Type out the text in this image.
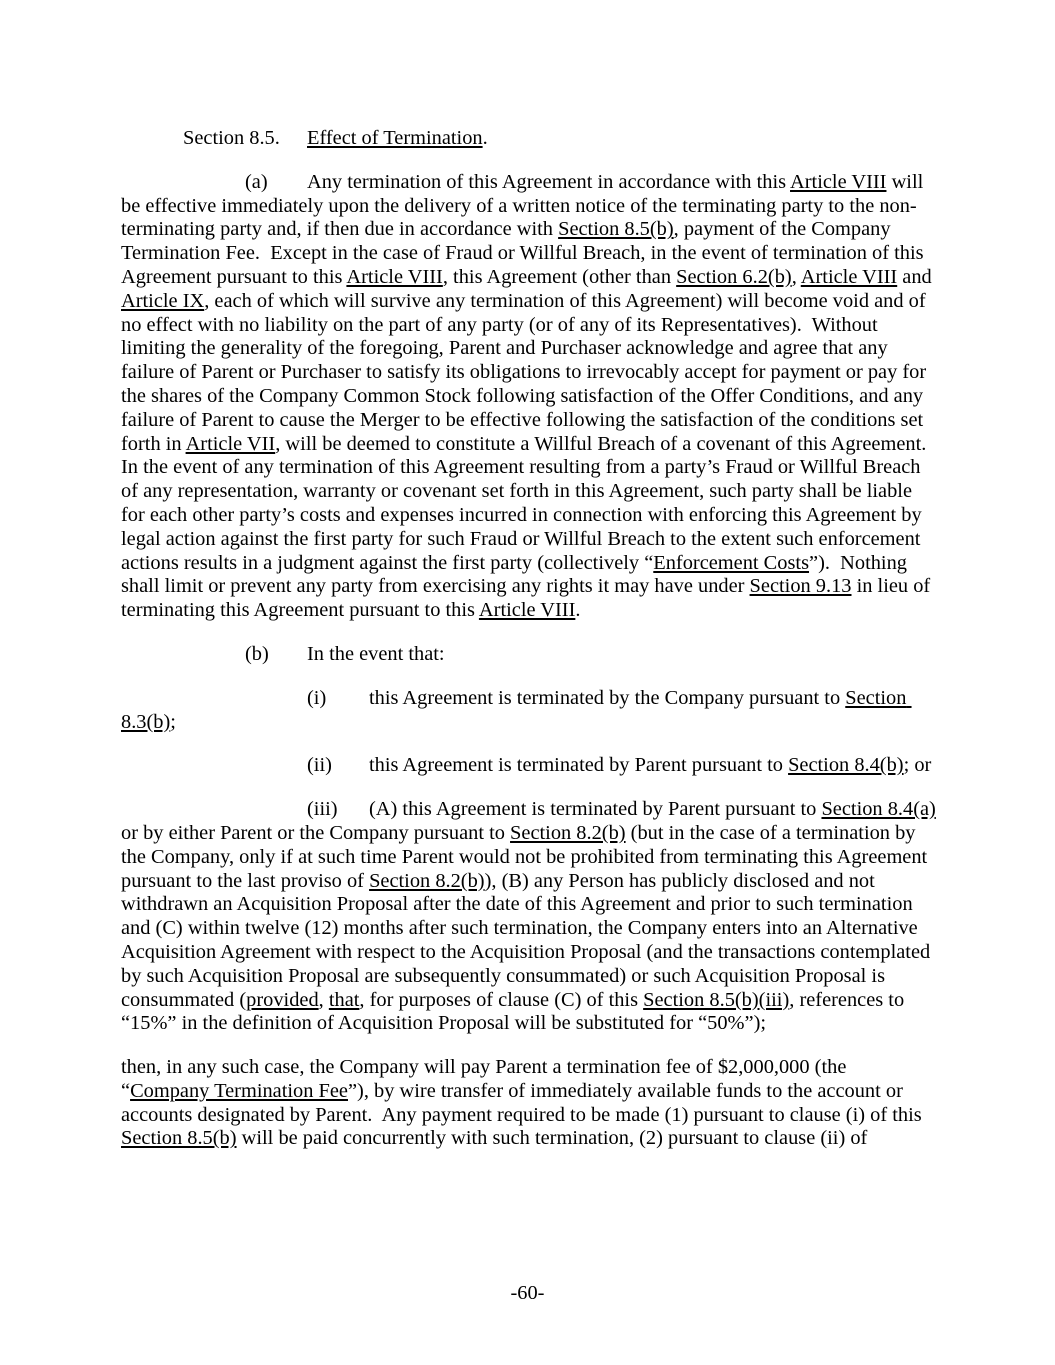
	Section 8.5.	Effect of Termination.

		(a)	Any termination of this Agreement in accordance with this Article VIII will be effective immediately upon the delivery of a written notice of the terminating party to the non-terminating party and, if then due in accordance with Section 8.5(b), payment of the Company Termination Fee.  Except in the case of Fraud or Willful Breach, in the event of termination of this Agreement pursuant to this Article VIII, this Agreement (other than Section 6.2(b), Article VIII and Article IX, each of which will survive any termination of this Agreement) will become void and of no effect with no liability on the part of any party (or of any of its Representatives).  Without limiting the generality of the foregoing, Parent and Purchaser acknowledge and agree that any failure of Parent or Purchaser to satisfy its obligations to irrevocably accept for payment or pay for the shares of the Company Common Stock following satisfaction of the Offer Conditions, and any failure of Parent to cause the Merger to be effective following the satisfaction of the conditions set forth in Article VII, will be deemed to constitute a Willful Breach of a covenant of this Agreement.  In the event of any termination of this Agreement resulting from a party’s Fraud or Willful Breach of any representation, warranty or covenant set forth in this Agreement, such party shall be liable for each other party’s costs and expenses incurred in connection with enforcing this Agreement by legal action against the first party for such Fraud or Willful Breach to the extent such enforcement actions results in a judgment against the first party (collectively “Enforcement Costs”).  Nothing shall limit or prevent any party from exercising any rights it may have under Section 9.13 in lieu of terminating this Agreement pursuant to this Article VIII.

		(b)	In the event that:

			(i)	this Agreement is terminated by the Company pursuant to Section 8.3(b);

			(ii)	this Agreement is terminated by Parent pursuant to Section 8.4(b); or

			(iii)	(A) this Agreement is terminated by Parent pursuant to Section 8.4(a) or by either Parent or the Company pursuant to Section 8.2(b) (but in the case of a termination by the Company, only if at such time Parent would not be prohibited from terminating this Agreement pursuant to the last proviso of Section 8.2(b)), (B) any Person has publicly disclosed and not withdrawn an Acquisition Proposal after the date of this Agreement and prior to such termination and (C) within twelve (12) months after such termination, the Company enters into an Alternative Acquisition Agreement with respect to the Acquisition Proposal (and the transactions contemplated by such Acquisition Proposal are subsequently consummated) or such Acquisition Proposal is consummated (provided, that, for purposes of clause (C) of this Section 8.5(b)(iii), references to “15%” in the definition of Acquisition Proposal will be substituted for “50%”);

then, in any such case, the Company will pay Parent a termination fee of $2,000,000 (the “Company Termination Fee”), by wire transfer of immediately available funds to the account or accounts designated by Parent.  Any payment required to be made (1) pursuant to clause (i) of this Section 8.5(b) will be paid concurrently with such termination, (2) pursuant to clause (ii) of

-60-
